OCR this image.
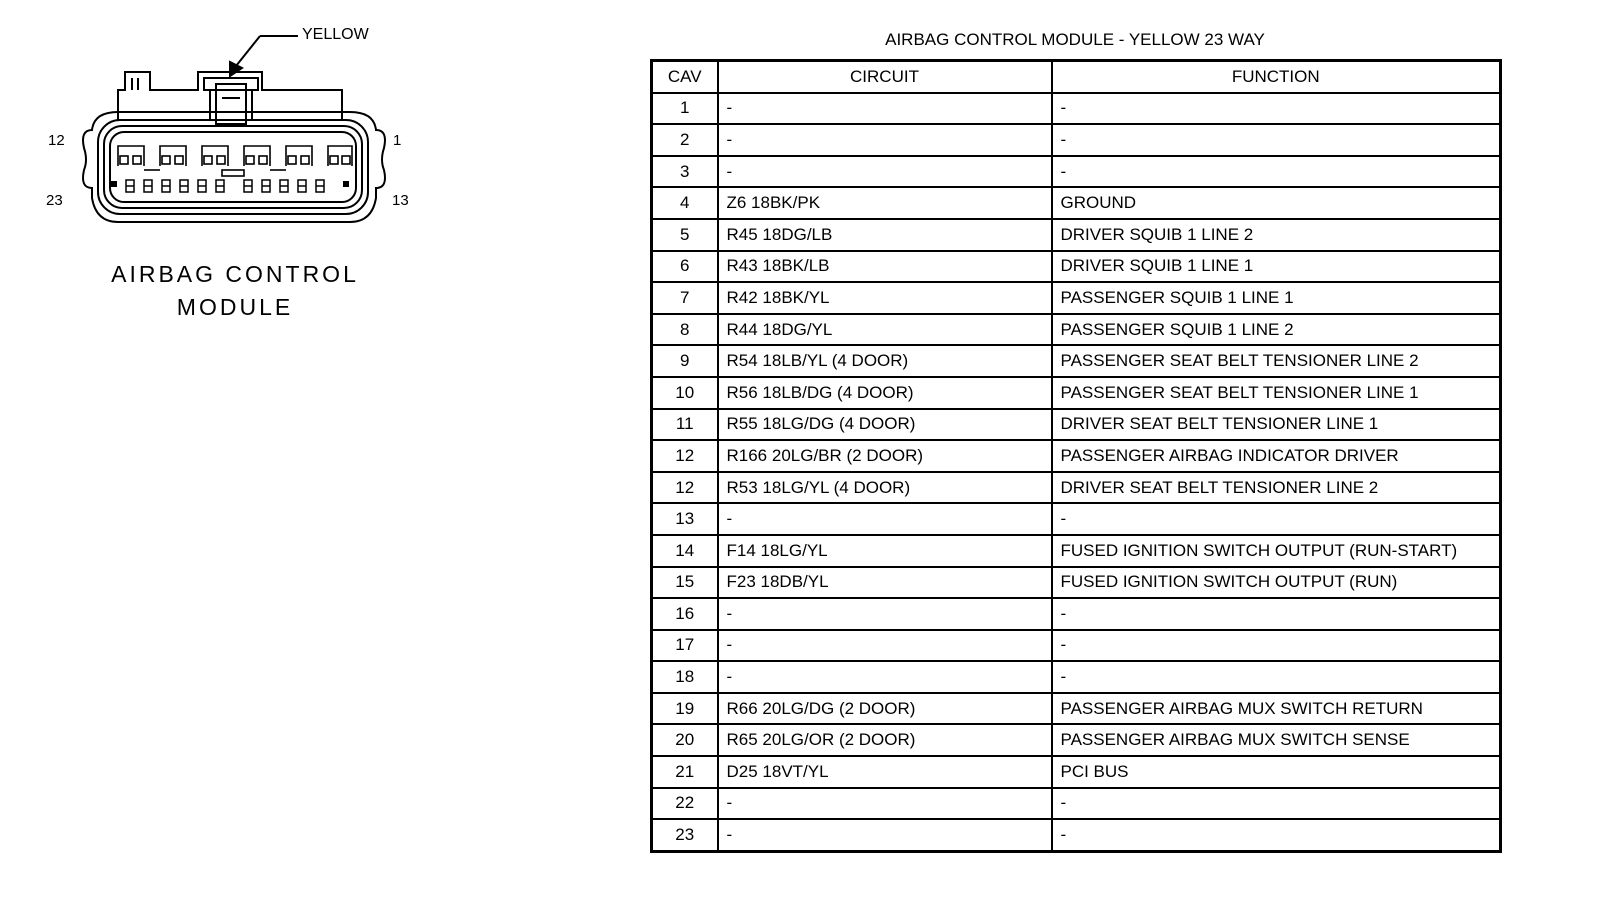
YELLOW
12	1
23	13
AIRBAG CONTROL
MODULE
AIRBAG CONTROL MODULE - YELLOW 23 WAY
CAV	CIRCUIT	FUNCTION
1	-	-
2	-	-
3	-	-
4	Z6 18BK/PK	GROUND
5	R45 18DG/LB	DRIVER SQUIB 1 LINE 2
6	R43 18BK/LB	DRIVER SQUIB 1 LINE 1
7	R42 18BK/YL	PASSENGER SQUIB 1 LINE 1
8	R44 18DG/YL	PASSENGER SQUIB 1 LINE 2
9	R54 18LB/YL (4 DOOR)	PASSENGER SEAT BELT TENSIONER LINE 2
10	R56 18LB/DG (4 DOOR)	PASSENGER SEAT BELT TENSIONER LINE 1
11	R55 18LG/DG (4 DOOR)	DRIVER SEAT BELT TENSIONER LINE 1
12	R166 20LG/BR (2 DOOR)	PASSENGER AIRBAG INDICATOR DRIVER
12	R53 18LG/YL (4 DOOR)	DRIVER SEAT BELT TENSIONER LINE 2
13	-	-
14	F14 18LG/YL	FUSED IGNITION SWITCH OUTPUT (RUN-START)
15	F23 18DB/YL	FUSED IGNITION SWITCH OUTPUT (RUN)
16	-	-
17	-	-
18	-	-
19	R66 20LG/DG (2 DOOR)	PASSENGER AIRBAG MUX SWITCH RETURN
20	R65 20LG/OR (2 DOOR)	PASSENGER AIRBAG MUX SWITCH SENSE
21	D25 18VT/YL	PCI BUS
22	-	-
23	-	-
